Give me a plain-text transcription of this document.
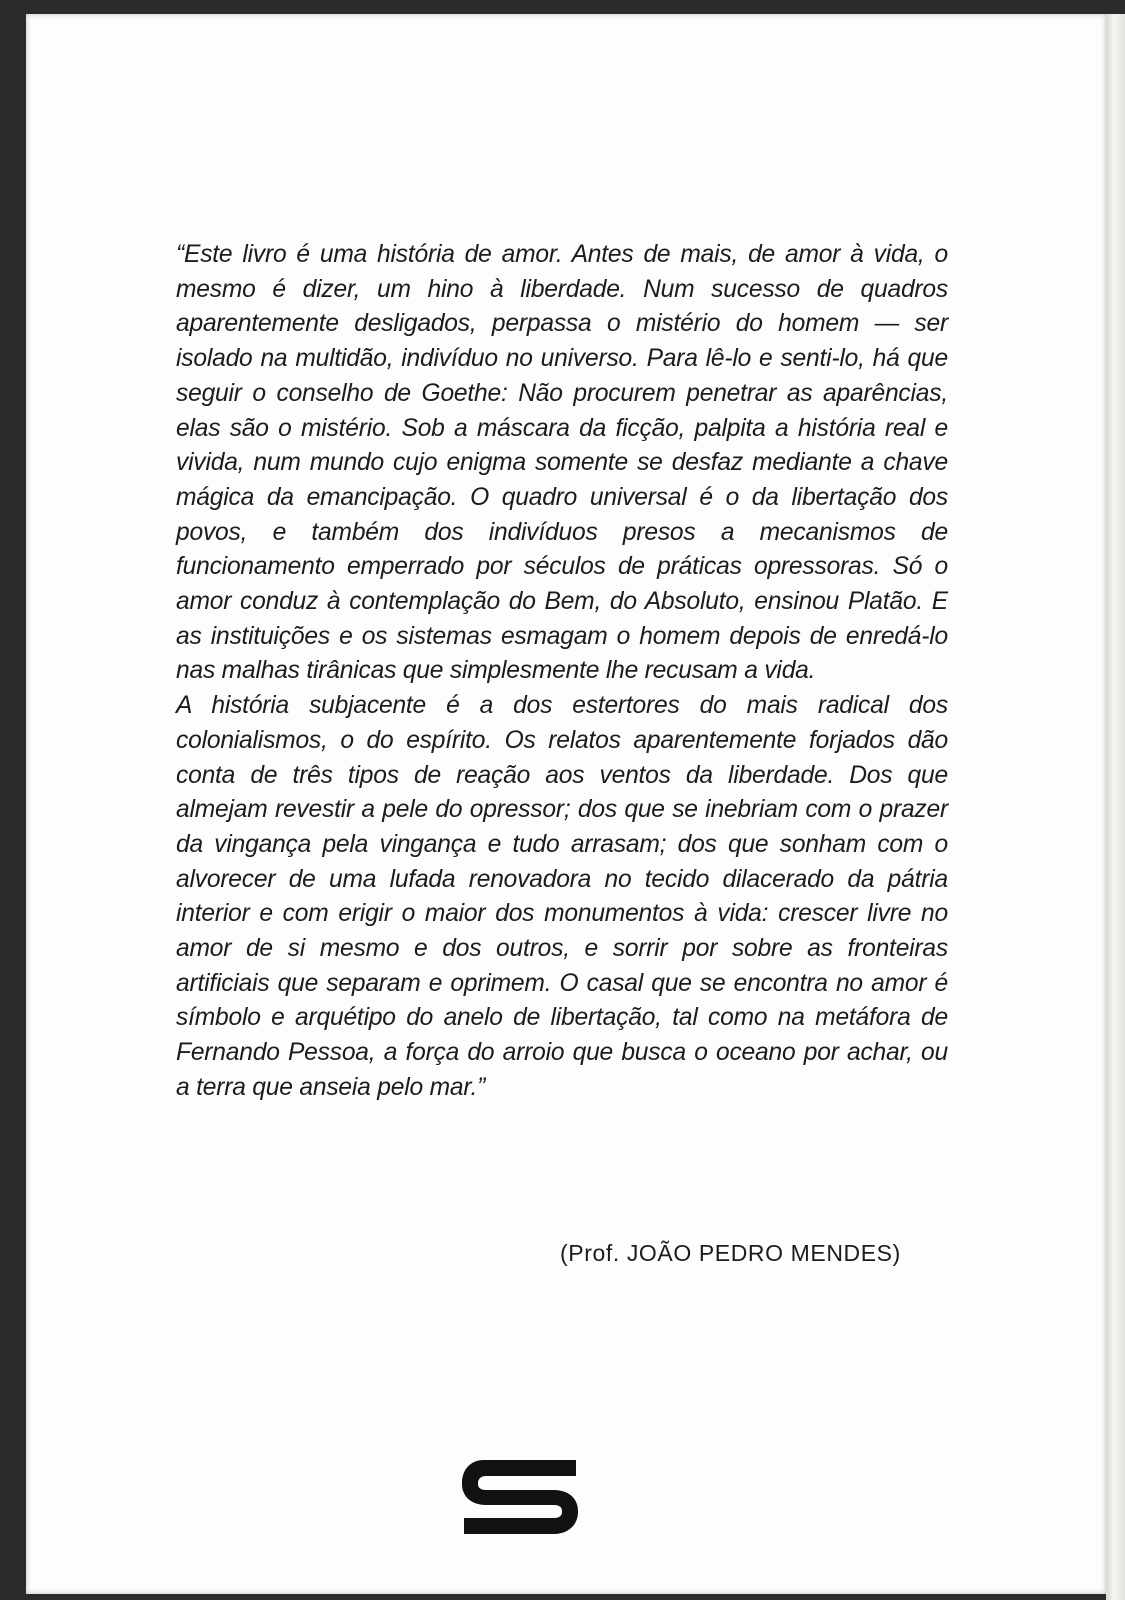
“Este livro é uma história de amor. Antes de mais, de amor à vida, o mesmo é dizer, um hino à liberdade. Num sucesso de quadros aparentemente desligados, perpassa o mistério do homem — ser isolado na multidão, indivíduo no universo. Para lê-lo e senti-lo, há que seguir o conselho de Goethe: Não procurem penetrar as aparências, elas são o mistério. Sob a máscara da ficção, palpita a história real e vivida, num mundo cujo enigma somente se desfaz mediante a chave mágica da emancipação. O quadro universal é o da libertação dos povos, e também dos indivíduos presos a mecanismos de funcionamento emperrado por séculos de práticas opressoras. Só o amor conduz à contemplação do Bem, do Absoluto, ensinou Platão. E as instituições e os sistemas esmagam o homem depois de enredá-lo nas malhas tirânicas que simplesmente lhe recusam a vida.

A história subjacente é a dos estertores do mais radical dos colonialismos, o do espírito. Os relatos aparentemente forjados dão conta de três tipos de reação aos ventos da liberdade. Dos que almejam revestir a pele do opressor; dos que se inebriam com o prazer da vingança pela vingança e tudo arrasam; dos que sonham com o alvorecer de uma lufada renovadora no tecido dilacerado da pátria interior e com erigir o maior dos monumentos à vida: crescer livre no amor de si mesmo e dos outros, e sorrir por sobre as fronteiras artificiais que separam e oprimem. O casal que se encontra no amor é símbolo e arquétipo do anelo de libertação, tal como na metáfora de Fernando Pessoa, a força do arroio que busca o oceano por achar, ou a terra que anseia pelo mar.”

(Prof. JOÃO PEDRO MENDES)
